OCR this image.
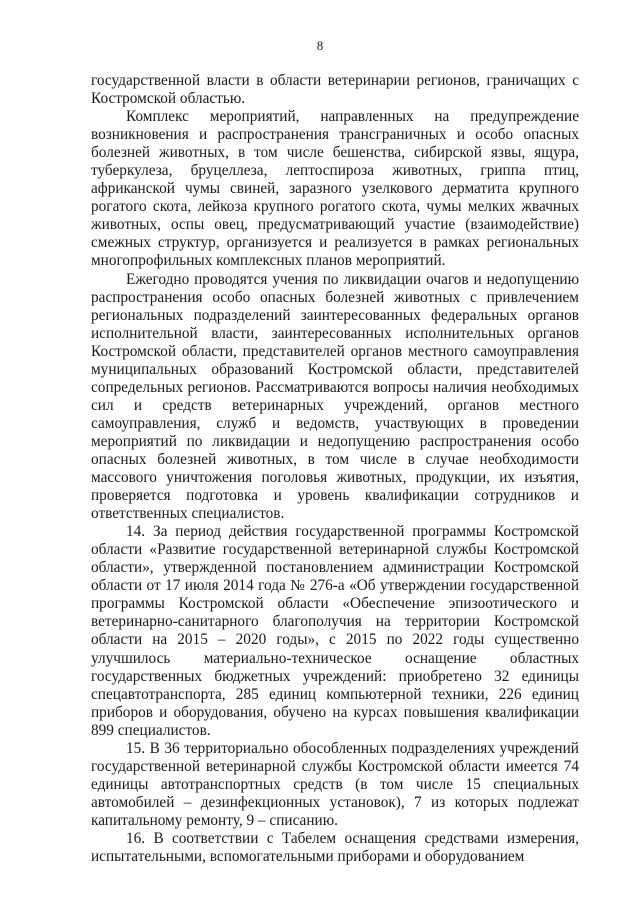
8

государственной власти в области ветеринарии регионов, граничащих с Костромской областью.

Комплекс мероприятий, направленных на предупреждение возникновения и распространения трансграничных и особо опасных болезней животных, в том числе бешенства, сибирской язвы, ящура, туберкулеза, бруцеллеза, лептоспироза животных, гриппа птиц, африканской чумы свиней, заразного узелкового дерматита крупного рогатого скота, лейкоза крупного рогатого скота, чумы мелких жвачных животных, оспы овец, предусматривающий участие (взаимодействие) смежных структур, организуется и реализуется в рамках региональных многопрофильных комплексных планов мероприятий.

Ежегодно проводятся учения по ликвидации очагов и недопущению распространения особо опасных болезней животных с привлечением региональных подразделений заинтересованных федеральных органов исполнительной власти, заинтересованных исполнительных органов Костромской области, представителей органов местного самоуправления муниципальных образований Костромской области, представителей сопредельных регионов. Рассматриваются вопросы наличия необходимых сил и средств ветеринарных учреждений, органов местного самоуправления, служб и ведомств, участвующих в проведении мероприятий по ликвидации и недопущению распространения особо опасных болезней животных, в том числе в случае необходимости массового уничтожения поголовья животных, продукции, их изъятия, проверяется подготовка и уровень квалификации сотрудников и ответственных специалистов.

14. За период действия государственной программы Костромской области «Развитие государственной ветеринарной службы Костромской области», утвержденной постановлением администрации Костромской области от 17 июля 2014 года № 276-а «Об утверждении государственной программы Костромской области «Обеспечение эпизоотического и ветеринарно-санитарного благополучия на территории Костромской области на 2015 – 2020 годы», с 2015 по 2022 годы существенно улучшилось материально-техническое оснащение областных государственных бюджетных учреждений: приобретено 32 единицы спецавтотранспорта, 285 единиц компьютерной техники, 226 единиц приборов и оборудования, обучено на курсах повышения квалификации 899 специалистов.

15. В 36 территориально обособленных подразделениях учреждений государственной ветеринарной службы Костромской области имеется 74 единицы автотранспортных средств (в том числе 15 специальных автомобилей – дезинфекционных установок), 7 из которых подлежат капитальному ремонту, 9 – списанию.

16. В соответствии с Табелем оснащения средствами измерения, испытательными, вспомогательными приборами и оборудованием
